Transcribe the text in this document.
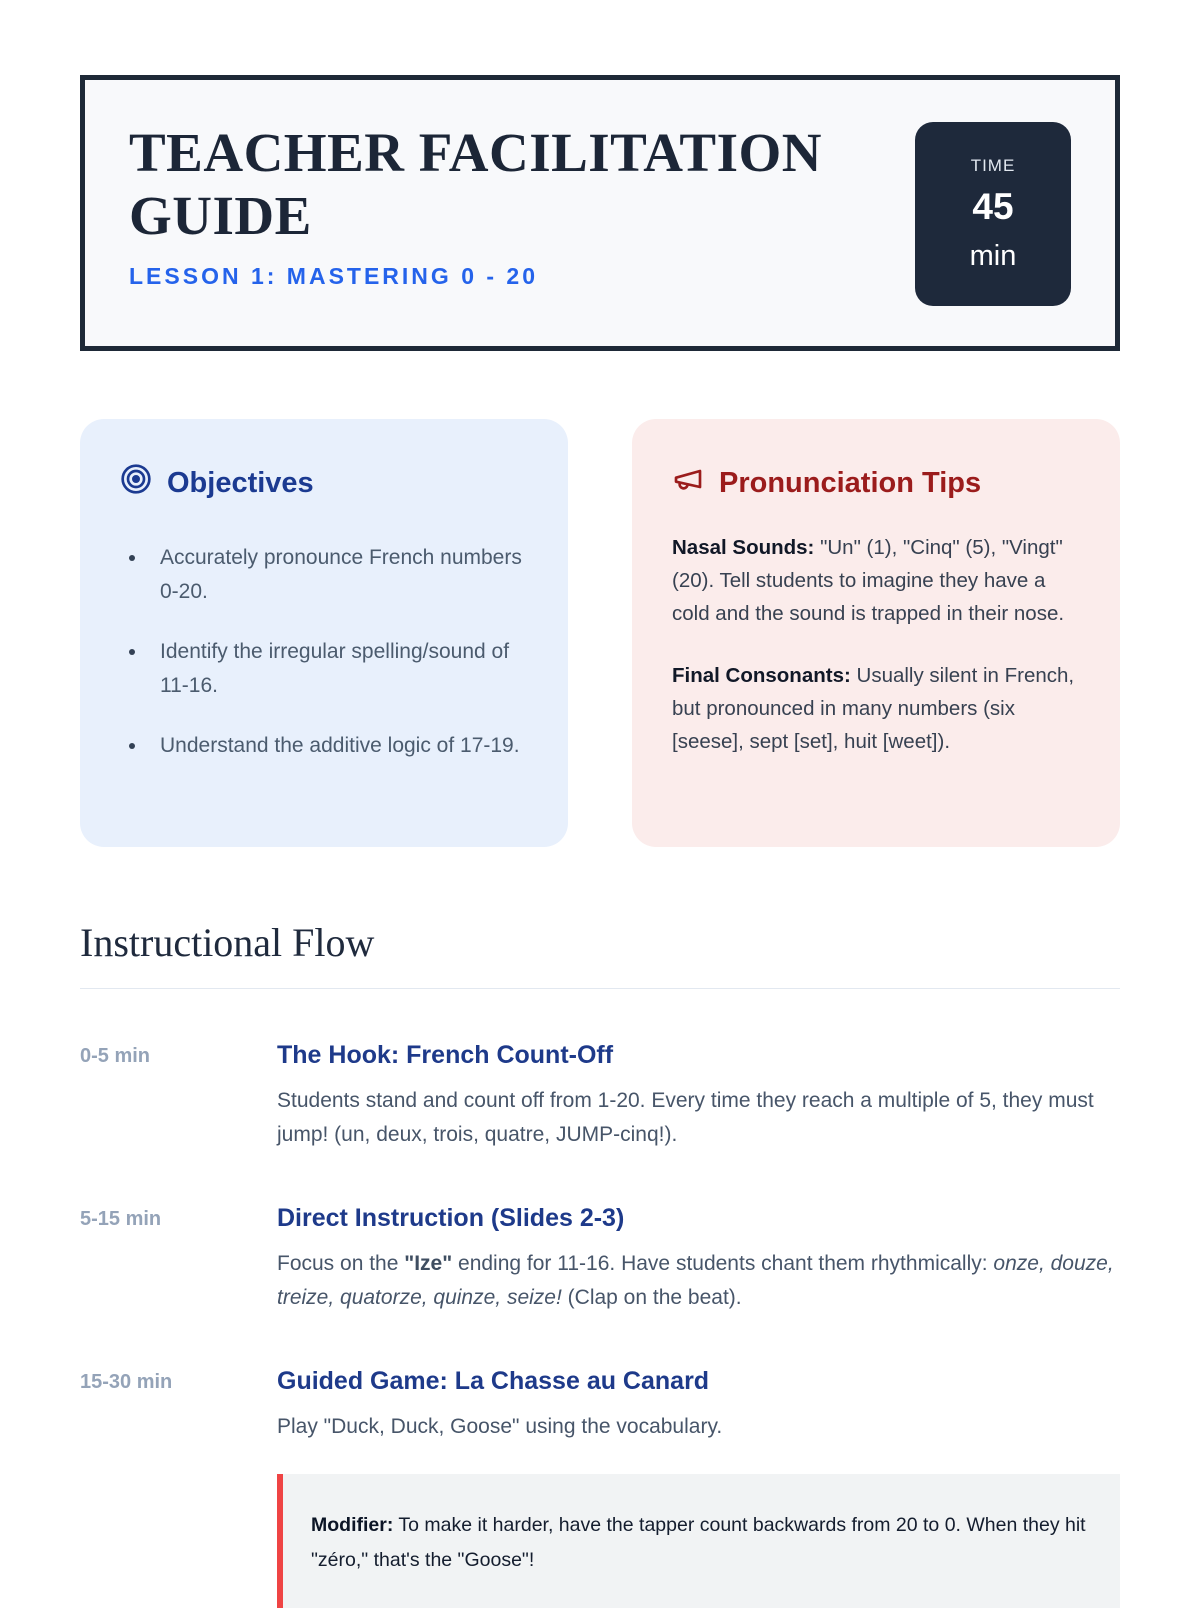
TEACHER FACILITATION GUIDE
LESSON 1: MASTERING 0 - 20
TIME
45
min
Objectives
• Accurately pronounce French numbers 0-20.
• Identify the irregular spelling/sound of 11-16.
• Understand the additive logic of 17-19.
Pronunciation Tips

Nasal Sounds: "Un" (1), "Cinq" (5), "Vingt" (20). Tell students to imagine they have a cold and the sound is trapped in their nose.

Final Consonants: Usually silent in French, but pronounced in many numbers (six [seese], sept [set], huit [weet]).

Instructional Flow
0-5 min	The Hook: French Count-Off
Students stand and count off from 1-20. Every time they reach a multiple of 5, they must jump! (un, deux, trois, quatre, JUMP-cinq!).
5-15 min	Direct Instruction (Slides 2-3)
Focus on the "Ize" ending for 11-16. Have students chant them rhythmically: onze, douze, treize, quatorze, quinze, seize! (Clap on the beat).
15-30 min	Guided Game: La Chasse au Canard
Play "Duck, Duck, Goose" using the vocabulary.
Modifier: To make it harder, have the tapper count backwards from 20 to 0. When they hit "zéro," that's the "Goose"!
